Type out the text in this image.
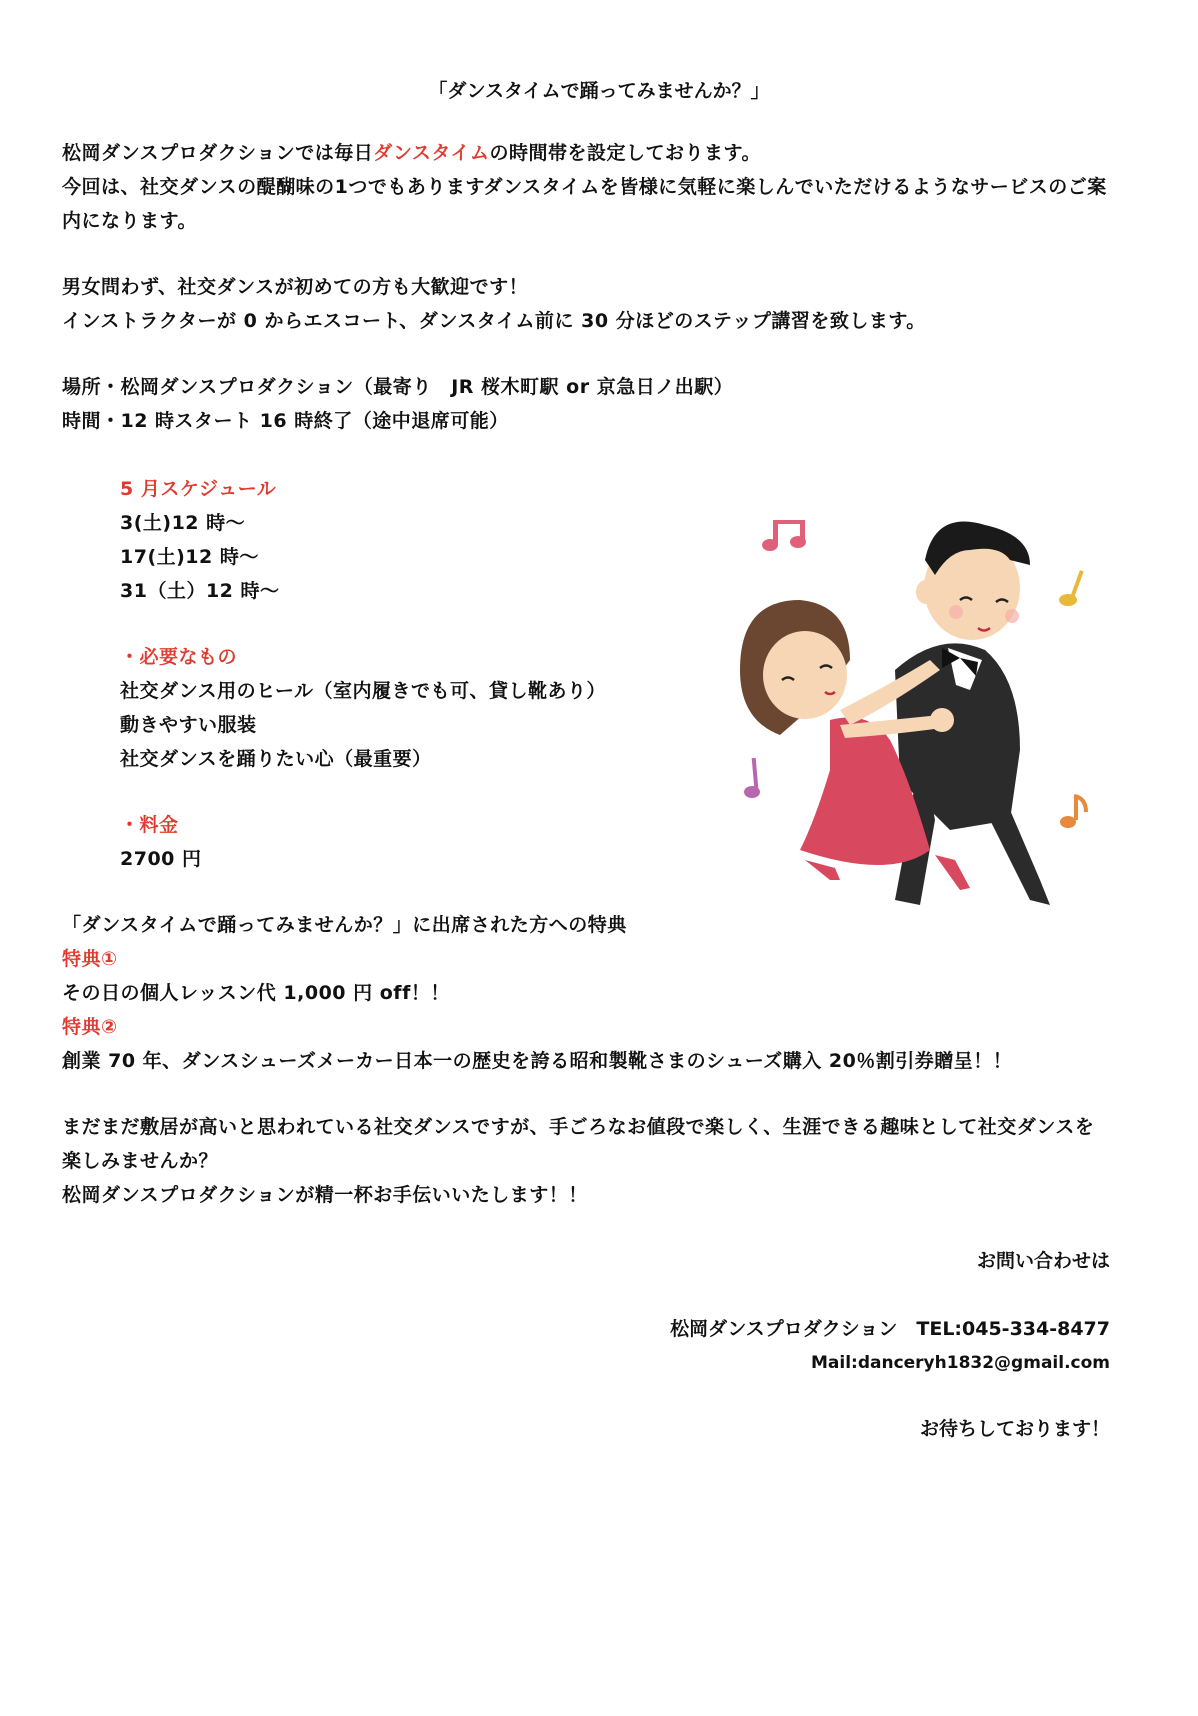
「ダンスタイムで踊ってみませんか？」
松岡ダンスプロダクションでは毎日ダンスタイムの時間帯を設定しております。
今回は、社交ダンスの醍醐味の1つでもありますダンスタイムを皆様に気軽に楽しんでいただけるようなサービスのご案
内になります。
男女問わず、社交ダンスが初めての方も大歓迎です！
インストラクターが 0 からエスコート、ダンスタイム前に 30 分ほどのステップ講習を致します。
場所・松岡ダンスプロダクション（最寄り　JR 桜木町駅 or 京急日ノ出駅）
時間・12 時スタート 16 時終了（途中退席可能）
5 月スケジュール
3(土)12 時～
17(土)12 時～
31（土）12 時～
・必要なもの
社交ダンス用のヒール（室内履きでも可、貸し靴あり）
動きやすい服装
社交ダンスを踊りたい心（最重要）
・料金
2700 円
「ダンスタイムで踊ってみませんか？」に出席された方への特典
特典①
その日の個人レッスン代 1,000 円 off！！
特典②
創業 70 年、ダンスシューズメーカー日本一の歴史を誇る昭和製靴さまのシューズ購入 20％割引券贈呈！！
まだまだ敷居が高いと思われている社交ダンスですが、手ごろなお値段で楽しく、生涯できる趣味として社交ダンスを
楽しみませんか？
松岡ダンスプロダクションが精一杯お手伝いいたします！！
お問い合わせは
松岡ダンスプロダクション　TEL:045-334-8477
Mail:danceryh1832@gmail.com
お待ちしております！
